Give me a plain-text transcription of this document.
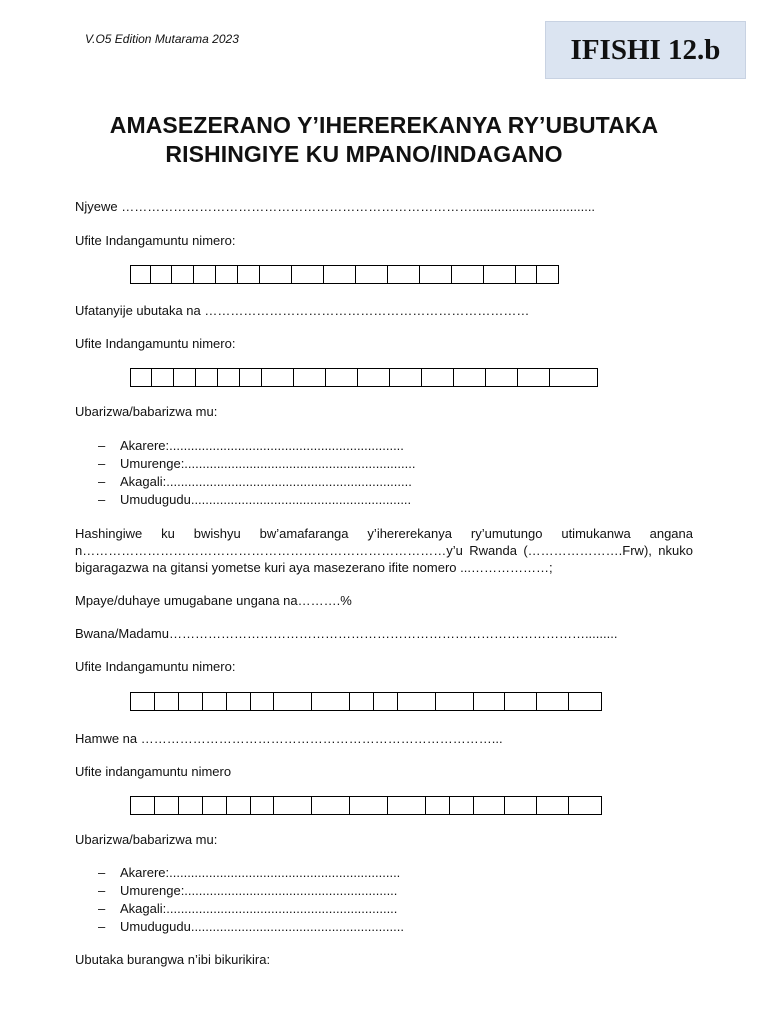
V.O5 Edition Mutarama 2023	IFISHI 12.b
AMASEZERANO Y’IHEREREKANYA RY’UBUTAKA
RISHINGIYE KU MPANO/INDAGANO
Njyewe ………………………………………………………………………..................................
Ufite Indangamuntu nimero:
Ufatanyije ubutaka na …………………………………………………………………
Ufite Indangamuntu nimero:
Ubarizwa/babarizwa mu:
– Akarere:.................................................................
– Umurenge:................................................................
– Akagali:....................................................................
– Umudugudu.............................................................
Hashingiwe ku bwishyu bw’amafaranga y’ihererekanya ry’umutungo utimukanwa angana
n…………………………………………………………………………y’u Rwanda (………………….Frw), nkuko
bigaragazwa na gitansi yometse kuri aya masezerano ifite nomero ...………………;
Mpaye/duhaye umugabane ungana na……….%
Bwana/Madamu…………………………………………………………………………………….........
Ufite Indangamuntu nimero:
Hamwe na ………………………………………………………………………...
Ufite indangamuntu nimero
Ubarizwa/babarizwa mu:
– Akarere:................................................................
– Umurenge:...........................................................
– Akagali:................................................................
– Umudugudu...........................................................
Ubutaka burangwa n’ibi bikurikira:
